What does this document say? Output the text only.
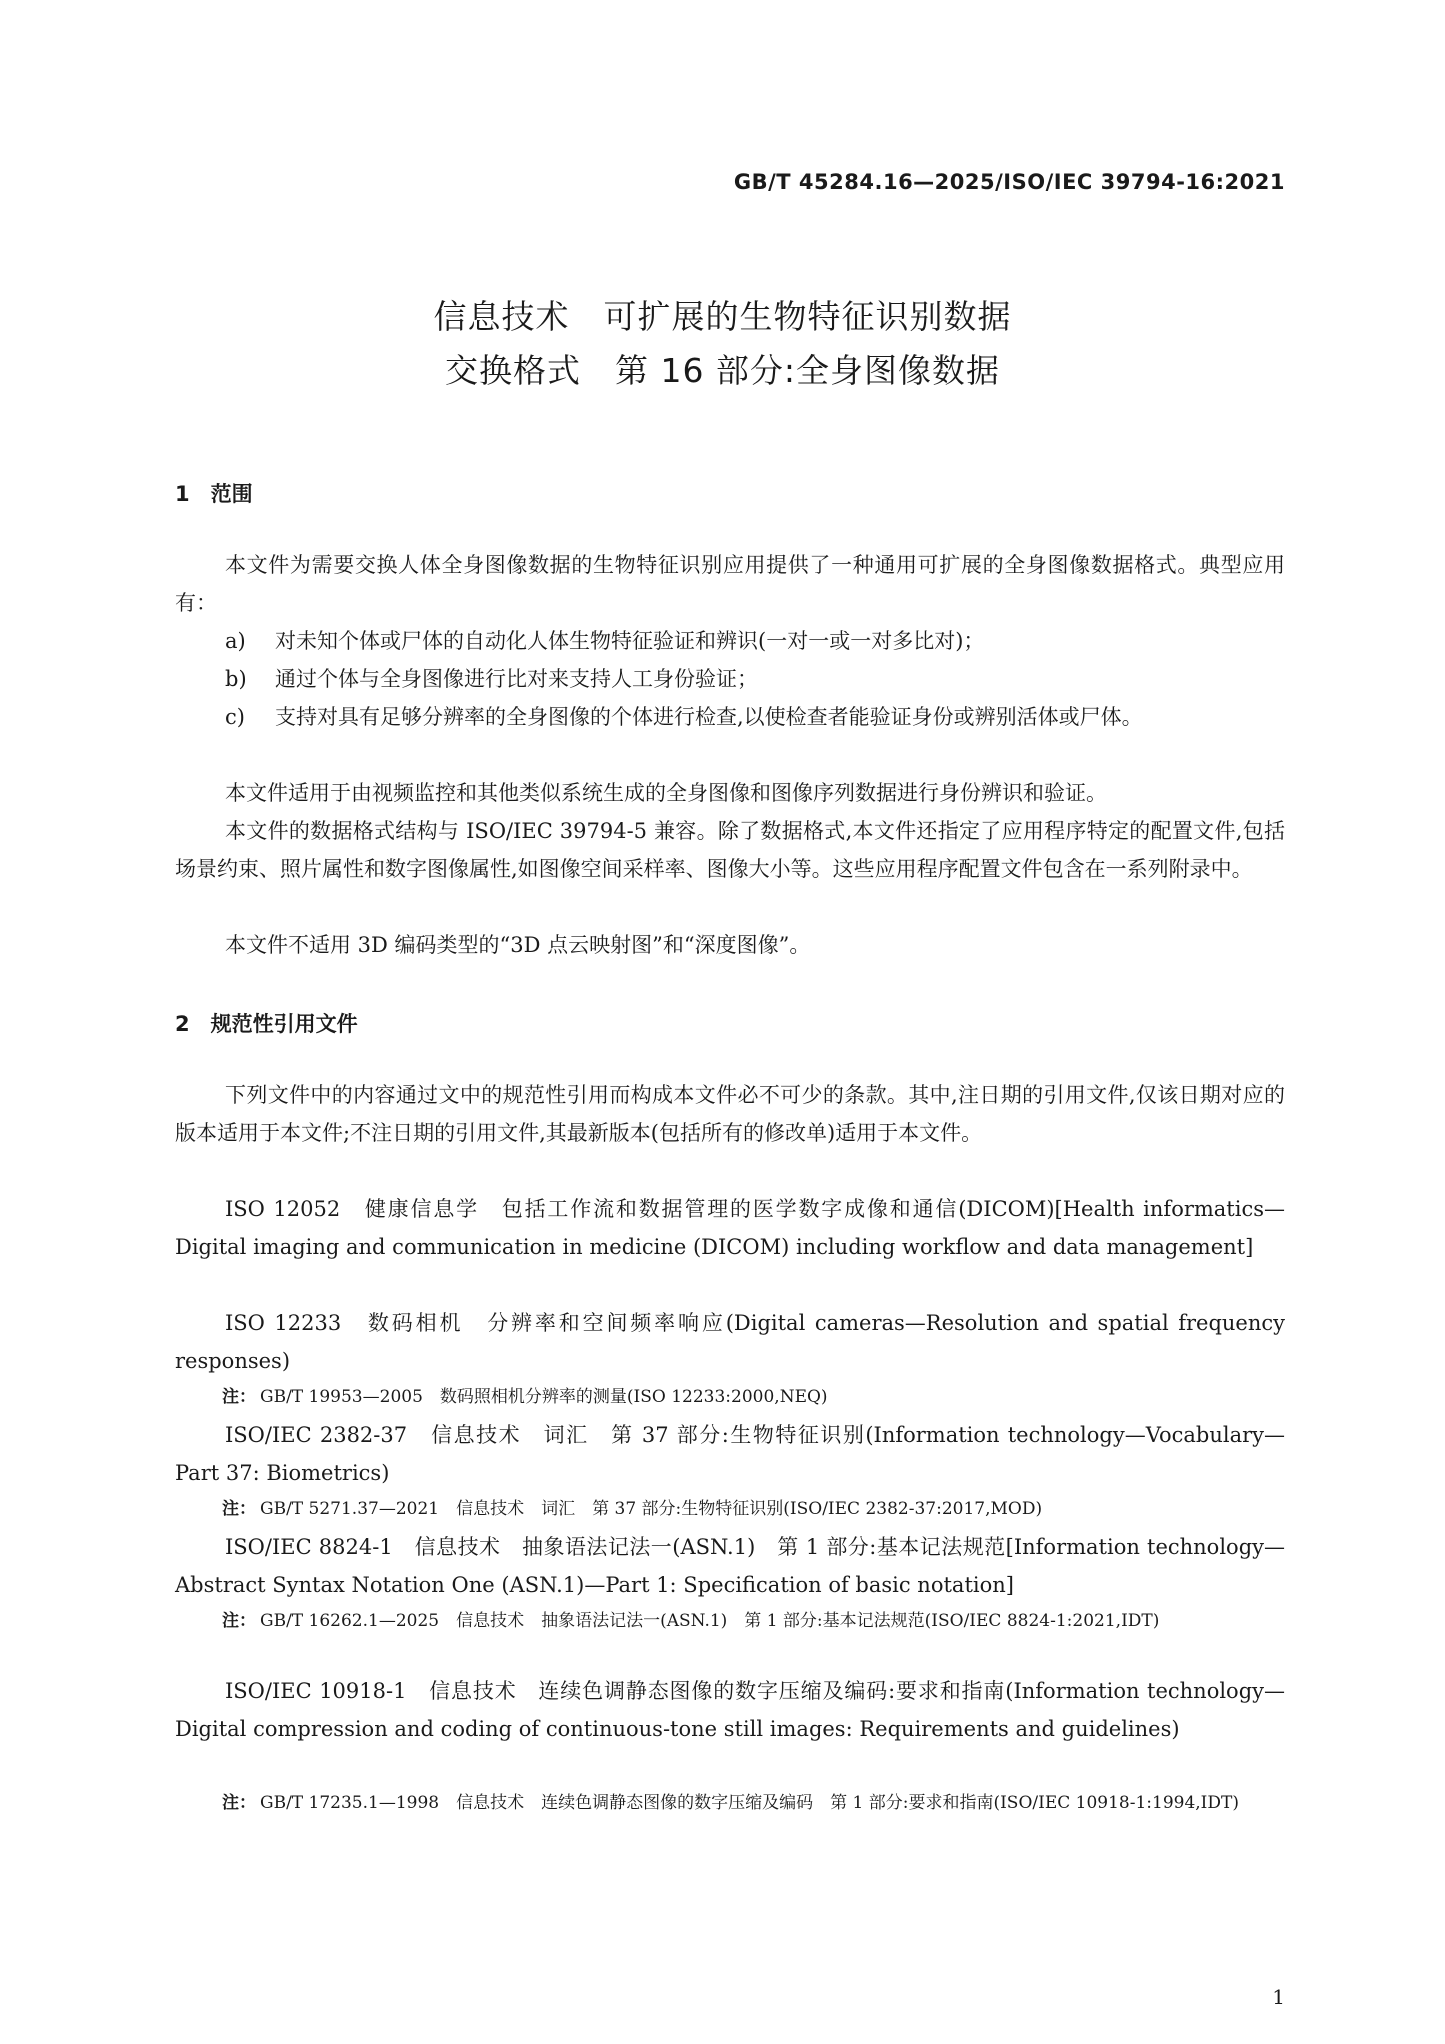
GB/T 45284.16—2025/ISO/IEC 39794-16:2021
信息技术　可扩展的生物特征识别数据
交换格式　第 16 部分:全身图像数据
1　范围
本文件为需要交换人体全身图像数据的生物特征识别应用提供了一种通用可扩展的全身图像数据格式。典型应用有：
a)	对未知个体或尸体的自动化人体生物特征验证和辨识(一对一或一对多比对)；
b)	通过个体与全身图像进行比对来支持人工身份验证；
c)	支持对具有足够分辨率的全身图像的个体进行检查,以使检查者能验证身份或辨别活体或尸体。
本文件适用于由视频监控和其他类似系统生成的全身图像和图像序列数据进行身份辨识和验证。
本文件的数据格式结构与 ISO/IEC 39794-5 兼容。除了数据格式,本文件还指定了应用程序特定的配置文件,包括场景约束、照片属性和数字图像属性,如图像空间采样率、图像大小等。这些应用程序配置文件包含在一系列附录中。
本文件不适用 3D 编码类型的“3D 点云映射图”和“深度图像”。
2　规范性引用文件
下列文件中的内容通过文中的规范性引用而构成本文件必不可少的条款。其中,注日期的引用文件,仅该日期对应的版本适用于本文件;不注日期的引用文件,其最新版本(包括所有的修改单)适用于本文件。
ISO 12052　健康信息学　包括工作流和数据管理的医学数字成像和通信(DICOM)[Health informatics—Digital imaging and communication in medicine (DICOM) including workflow and data management]
ISO 12233　数码相机　分辨率和空间频率响应(Digital cameras—Resolution and spatial frequency responses)
注： GB/T 19953—2005　数码照相机分辨率的测量(ISO 12233:2000,NEQ)
ISO/IEC 2382-37　信息技术　词汇　第 37 部分:生物特征识别(Information technology—Vocabulary—Part 37: Biometrics)
注： GB/T 5271.37—2021　信息技术　词汇　第 37 部分:生物特征识别(ISO/IEC 2382-37:2017,MOD)
ISO/IEC 8824-1　信息技术　抽象语法记法一(ASN.1)　第 1 部分:基本记法规范[Information technology—Abstract Syntax Notation One (ASN.1)—Part 1: Specification of basic notation]
注： GB/T 16262.1—2025　信息技术　抽象语法记法一(ASN.1)　第 1 部分:基本记法规范(ISO/IEC 8824-1:2021,IDT)
ISO/IEC 10918-1　信息技术　连续色调静态图像的数字压缩及编码:要求和指南(Information technology—Digital compression and coding of continuous-tone still images: Requirements and guidelines)
注： GB/T 17235.1—1998　信息技术　连续色调静态图像的数字压缩及编码　第 1 部分:要求和指南(ISO/IEC 10918-1:1994,IDT)
1
